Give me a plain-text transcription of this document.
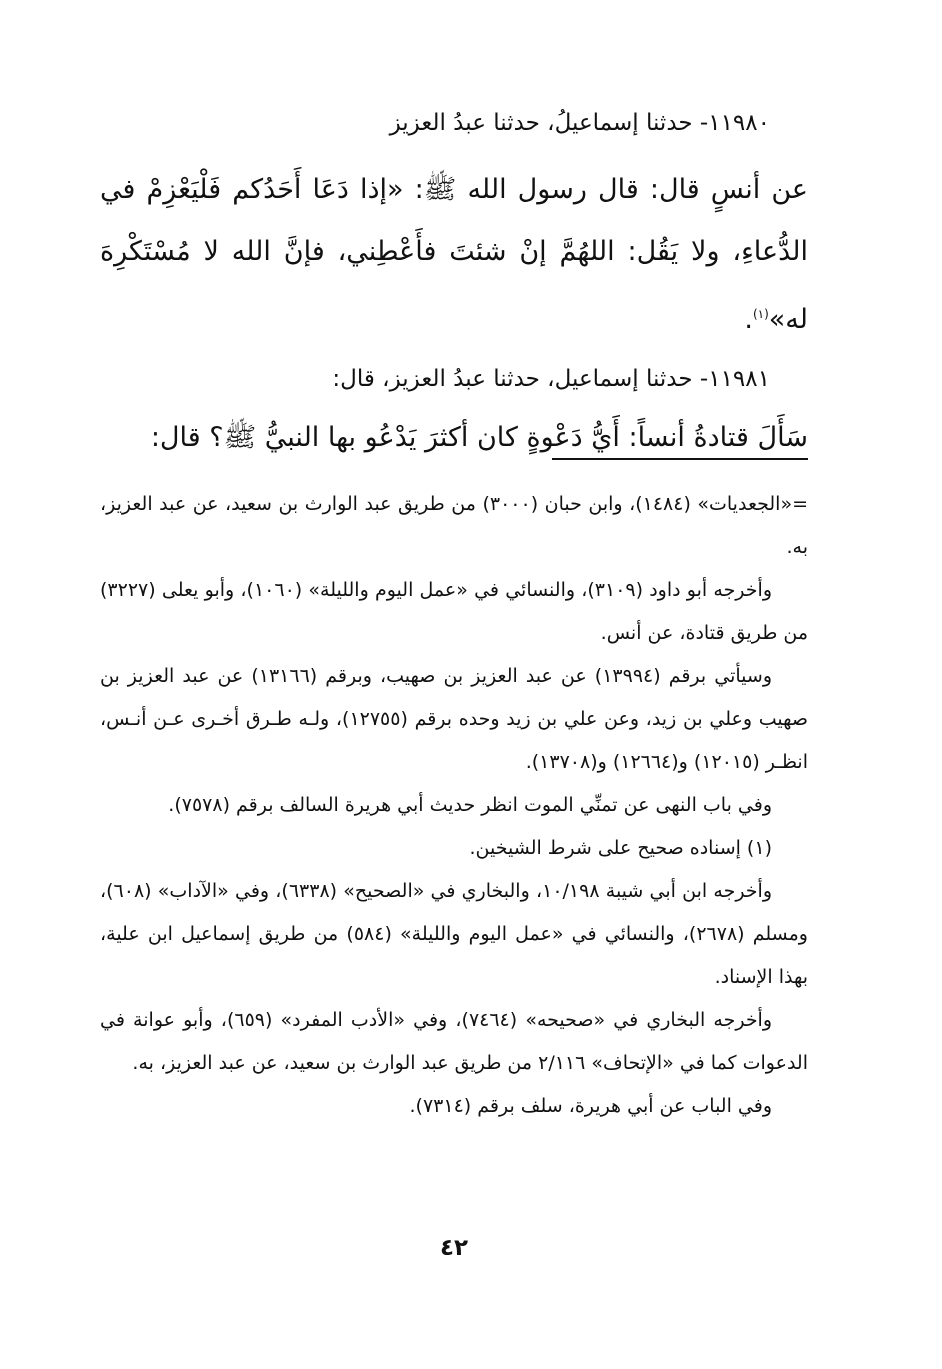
١١٩٨٠- حدثنا إسماعيلُ، حدثنا عبدُ العزيز

عن أنسٍ قال: قال رسول الله ﷺ: «إذا دَعَا أَحَدُكم فَلْيَعْزِمْ في الدُّعاءِ، ولا يَقُل: اللهُمَّ إنْ شئتَ فأَعْطِني، فإنَّ الله لا مُسْتَكْرِهَ له»$^{(١)}$.

١١٩٨١- حدثنا إسماعيل، حدثنا عبدُ العزيز، قال:

سَأَلَ قتادةُ أنساً: أَيُّ دَعْوةٍ كان أكثرَ يَدْعُو بها النبيُّ ﷺ؟ قال:

=«الجعديات» (١٤٨٤)، وابن حبان (٣٠٠٠) من طريق عبد الوارث بن سعيد، عن عبد العزيز، به.

وأخرجه أبو داود (٣١٠٩)، والنسائي في «عمل اليوم والليلة» (١٠٦٠)، وأبو يعلى (٣٢٢٧) من طريق قتادة، عن أنس.

وسيأتي برقم (١٣٩٩٤) عن عبد العزيز بن صهيب، وبرقم (١٣١٦٦) عن عبد العزيز بن صهيب وعلي بن زيد، وعن علي بن زيد وحده برقم (١٢٧٥٥)، ولـه طـرق أخـرى عـن أنـس، انظـر (١٢٠١٥) و(١٢٦٦٤) و(١٣٧٠٨).

وفي باب النهى عن تمنِّي الموت انظر حديث أبي هريرة السالف برقم (٧٥٧٨).

(١) إسناده صحيح على شرط الشيخين.

وأخرجه ابن أبي شيبة ١٠/١٩٨، والبخاري في «الصحيح» (٦٣٣٨)، وفي «الآداب» (٦٠٨)، ومسلم (٢٦٧٨)، والنسائي في «عمل اليوم والليلة» (٥٨٤) من طريق إسماعيل ابن علية، بهذا الإسناد.

وأخرجه البخاري في «صحيحه» (٧٤٦٤)، وفي «الأدب المفرد» (٦٥٩)، وأبو عوانة في الدعوات كما في «الإتحاف» ٢/١١٦ من طريق عبد الوارث بن سعيد، عن عبد العزيز، به.

وفي الباب عن أبي هريرة، سلف برقم (٧٣١٤).

٤٢
